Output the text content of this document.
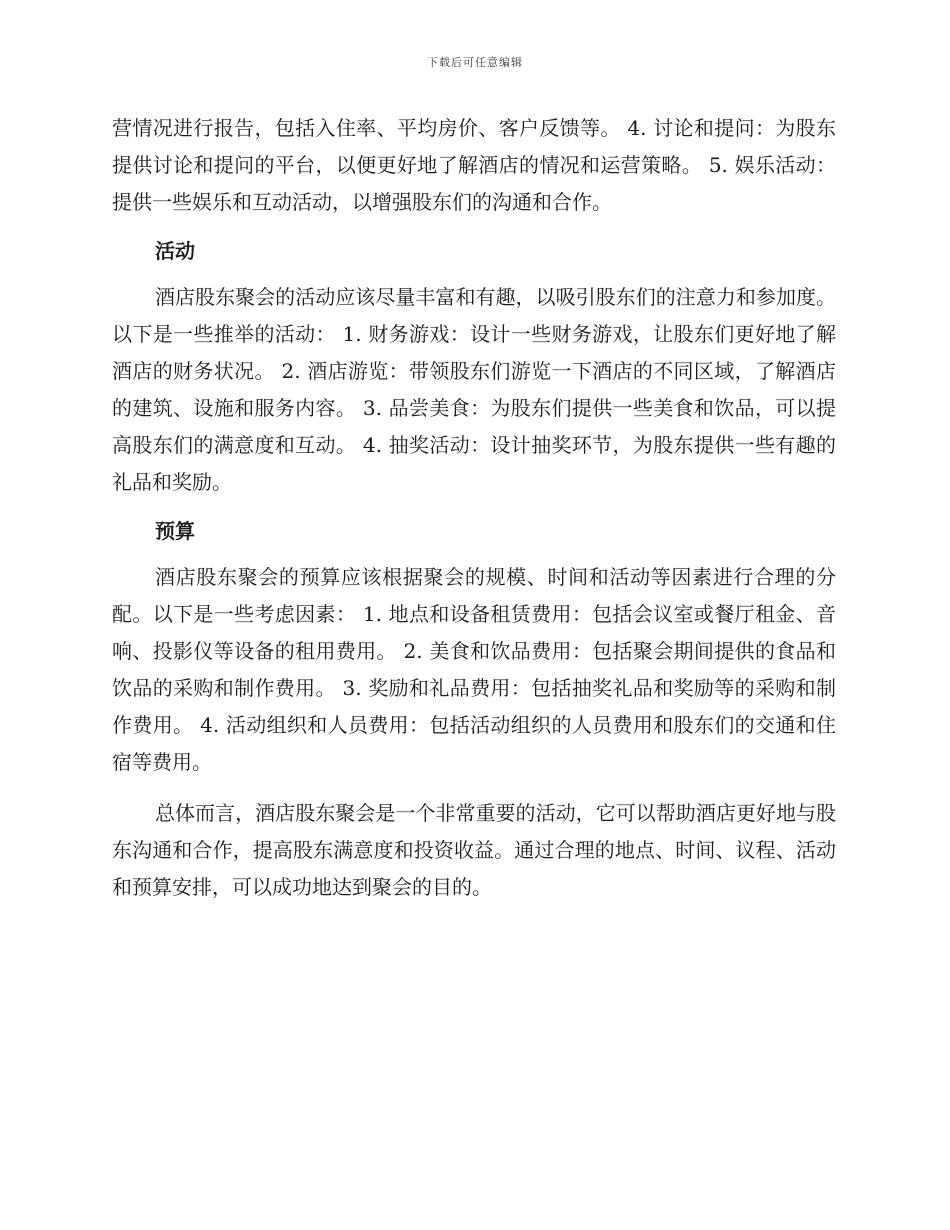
下载后可任意编辑

营情况进行报告，包括入住率、平均房价、客户反馈等。 4. 讨论和提问：为股东提供讨论和提问的平台，以便更好地了解酒店的情况和运营策略。 5. 娱乐活动：提供一些娱乐和互动活动，以增强股东们的沟通和合作。

活动

酒店股东聚会的活动应该尽量丰富和有趣，以吸引股东们的注意力和参加度。以下是一些推举的活动： 1. 财务游戏：设计一些财务游戏，让股东们更好地了解酒店的财务状况。 2. 酒店游览：带领股东们游览一下酒店的不同区域，了解酒店的建筑、设施和服务内容。 3. 品尝美食：为股东们提供一些美食和饮品，可以提高股东们的满意度和互动。 4. 抽奖活动：设计抽奖环节，为股东提供一些有趣的礼品和奖励。

预算

酒店股东聚会的预算应该根据聚会的规模、时间和活动等因素进行合理的分配。以下是一些考虑因素： 1. 地点和设备租赁费用：包括会议室或餐厅租金、音响、投影仪等设备的租用费用。 2. 美食和饮品费用：包括聚会期间提供的食品和饮品的采购和制作费用。 3. 奖励和礼品费用：包括抽奖礼品和奖励等的采购和制作费用。 4. 活动组织和人员费用：包括活动组织的人员费用和股东们的交通和住宿等费用。

总体而言，酒店股东聚会是一个非常重要的活动，它可以帮助酒店更好地与股东沟通和合作，提高股东满意度和投资收益。通过合理的地点、时间、议程、活动和预算安排，可以成功地达到聚会的目的。
